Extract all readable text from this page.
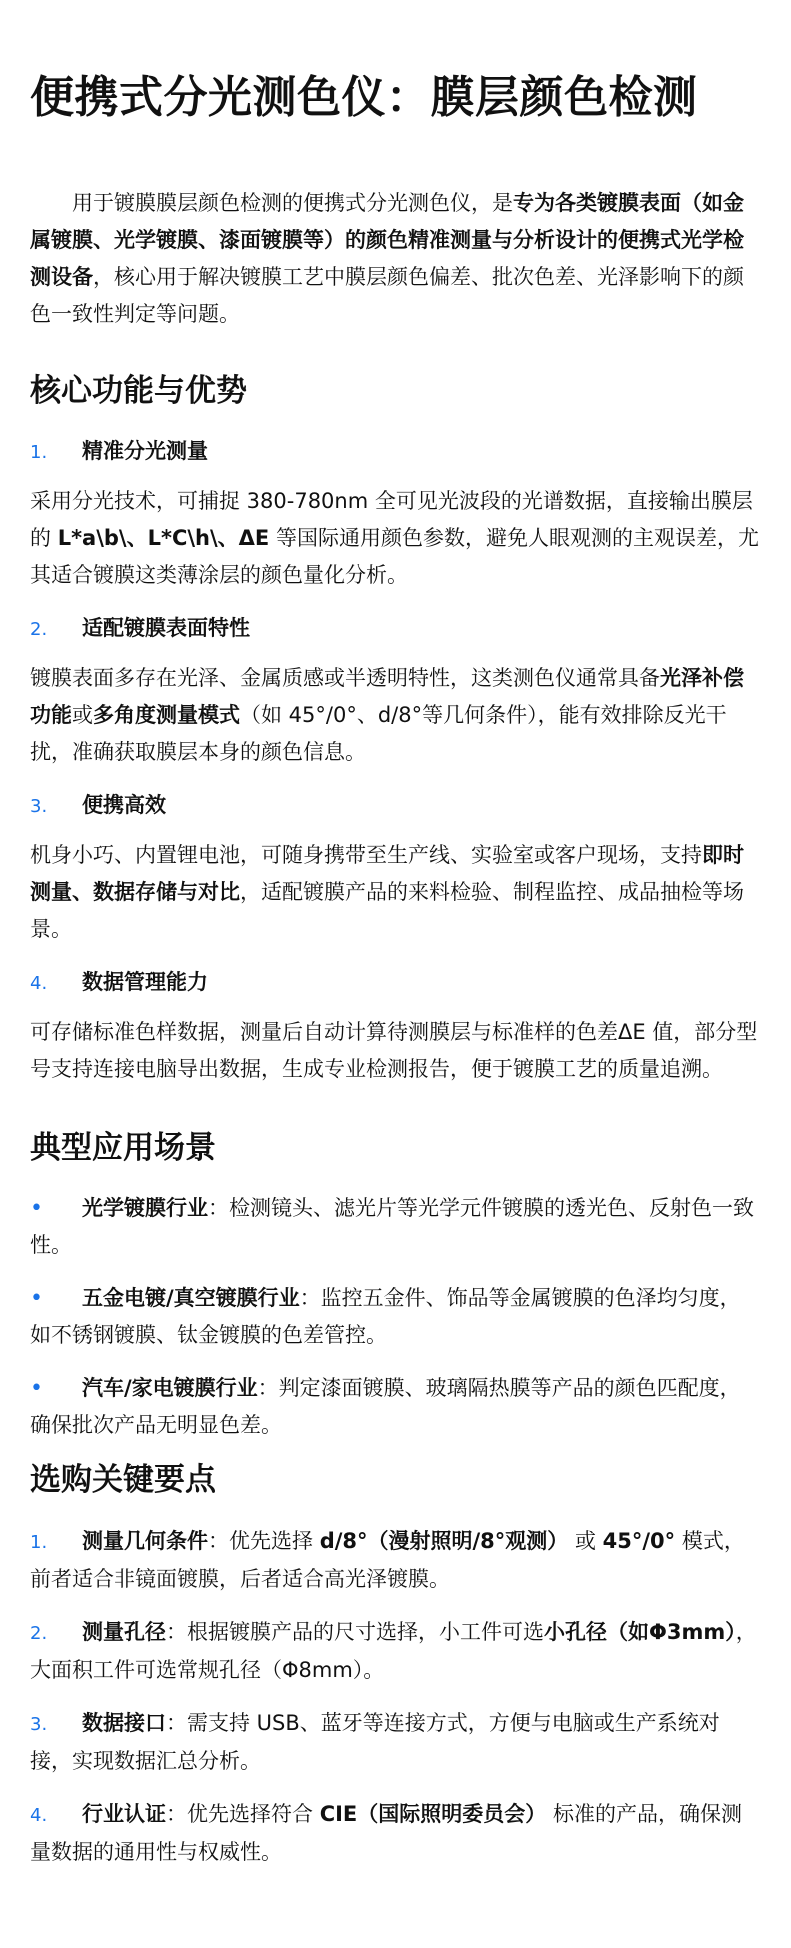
便携式分光测色仪：膜层颜色检测

用于镀膜膜层颜色检测的便携式分光测色仪，是专为各类镀膜表面（如金属镀膜、光学镀膜、漆面镀膜等）的颜色精准测量与分析设计的便携式光学检测设备，核心用于解决镀膜工艺中膜层颜色偏差、批次色差、光泽影响下的颜色一致性判定等问题。

核心功能与优势
1.	精准分光测量

采用分光技术，可捕捉 380-780nm 全可见光波段的光谱数据，直接输出膜层的 L*a\b\、L*C\h\、ΔE 等国际通用颜色参数，避免人眼观测的主观误差，尤其适合镀膜这类薄涂层的颜色量化分析。

2.	适配镀膜表面特性

镀膜表面多存在光泽、金属质感或半透明特性，这类测色仪通常具备光泽补偿功能或多角度测量模式（如 45°/0°、d/8°等几何条件），能有效排除反光干扰，准确获取膜层本身的颜色信息。

3.	便携高效

机身小巧、内置锂电池，可随身携带至生产线、实验室或客户现场，支持即时测量、数据存储与对比，适配镀膜产品的来料检验、制程监控、成品抽检等场景。

4.	数据管理能力

可存储标准色样数据，测量后自动计算待测膜层与标准样的色差ΔE 值，部分型号支持连接电脑导出数据，生成专业检测报告，便于镀膜工艺的质量追溯。

典型应用场景
• 光学镀膜行业：检测镜头、滤光片等光学元件镀膜的透光色、反射色一致性。
• 五金电镀/真空镀膜行业：监控五金件、饰品等金属镀膜的色泽均匀度，如不锈钢镀膜、钛金镀膜的色差管控。
• 汽车/家电镀膜行业：判定漆面镀膜、玻璃隔热膜等产品的颜色匹配度，确保批次产品无明显色差。
选购关键要点
1. 测量几何条件：优先选择 d/8°（漫射照明/8°观测） 或 45°/0° 模式，前者适合非镜面镀膜，后者适合高光泽镀膜。
2. 测量孔径：根据镀膜产品的尺寸选择，小工件可选小孔径（如Φ3mm），大面积工件可选常规孔径（Φ8mm）。
3. 数据接口：需支持 USB、蓝牙等连接方式，方便与电脑或生产系统对接，实现数据汇总分析。
4. 行业认证：优先选择符合 CIE（国际照明委员会） 标准的产品，确保测量数据的通用性与权威性。
